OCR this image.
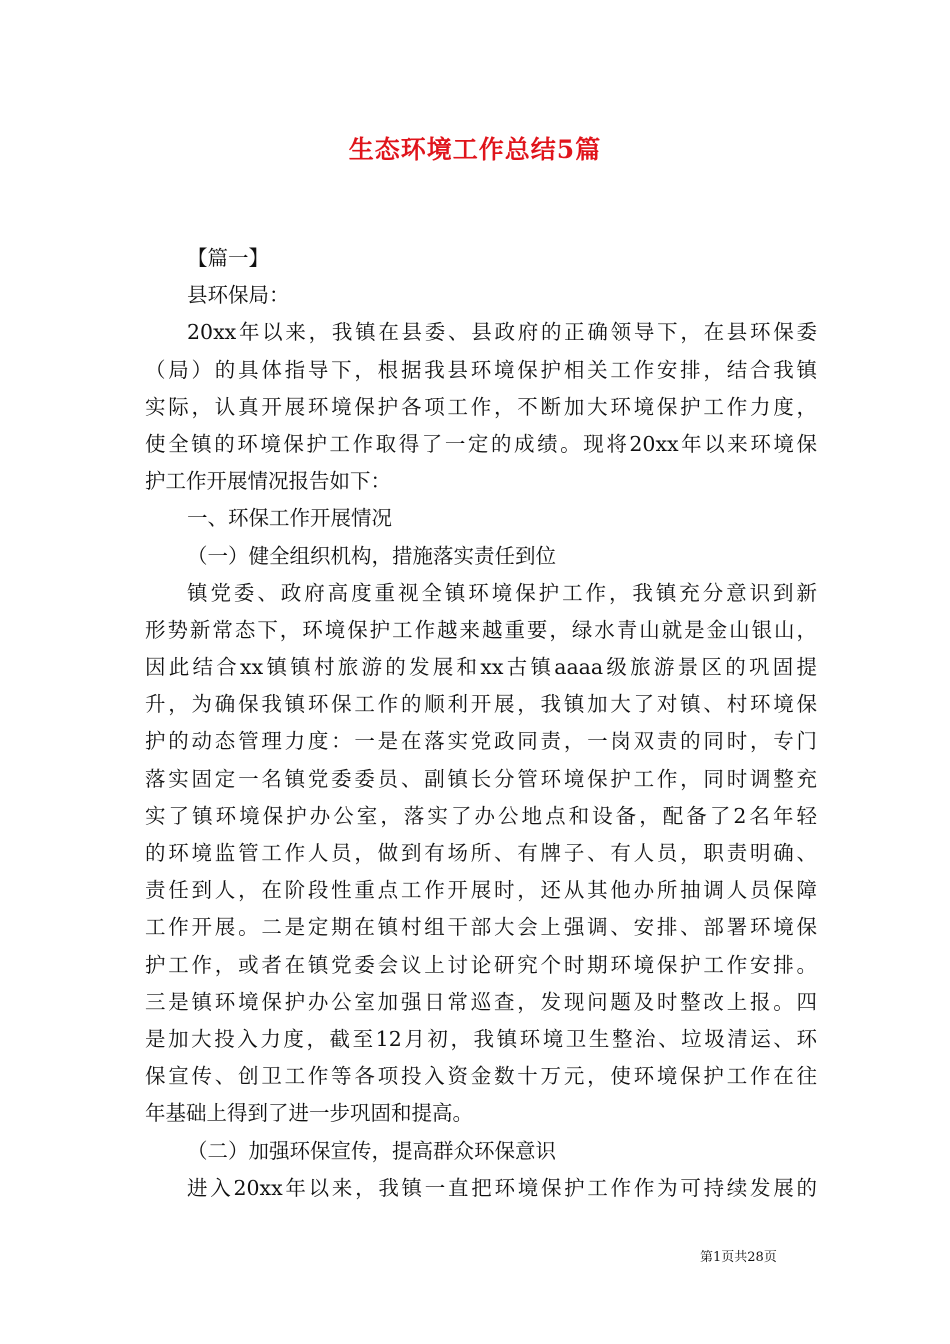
生态环境工作总结5篇
【篇一】
县环保局：
20xx年以来，我镇在县委、县政府的正确领导下，在县环保委
（局）的具体指导下，根据我县环境保护相关工作安排，结合我镇
实际，认真开展环境保护各项工作，不断加大环境保护工作力度，
使全镇的环境保护工作取得了一定的成绩。现将20xx年以来环境保
护工作开展情况报告如下：
一、环保工作开展情况
（一）健全组织机构，措施落实责任到位
镇党委、政府高度重视全镇环境保护工作，我镇充分意识到新
形势新常态下，环境保护工作越来越重要，绿水青山就是金山银山，
因此结合xx镇镇村旅游的发展和xx古镇aaaa级旅游景区的巩固提
升，为确保我镇环保工作的顺利开展，我镇加大了对镇、村环境保
护的动态管理力度：一是在落实党政同责，一岗双责的同时，专门
落实固定一名镇党委委员、副镇长分管环境保护工作，同时调整充
实了镇环境保护办公室，落实了办公地点和设备，配备了2名年轻
的环境监管工作人员，做到有场所、有牌子、有人员，职责明确、
责任到人，在阶段性重点工作开展时，还从其他办所抽调人员保障
工作开展。二是定期在镇村组干部大会上强调、安排、部署环境保
护工作，或者在镇党委会议上讨论研究个时期环境保护工作安排。
三是镇环境保护办公室加强日常巡查，发现问题及时整改上报。四
是加大投入力度，截至12月初，我镇环境卫生整治、垃圾清运、环
保宣传、创卫工作等各项投入资金数十万元，使环境保护工作在往
年基础上得到了进一步巩固和提高。
（二）加强环保宣传，提高群众环保意识
进入20xx年以来，我镇一直把环境保护工作作为可持续发展的
第1页共28页
